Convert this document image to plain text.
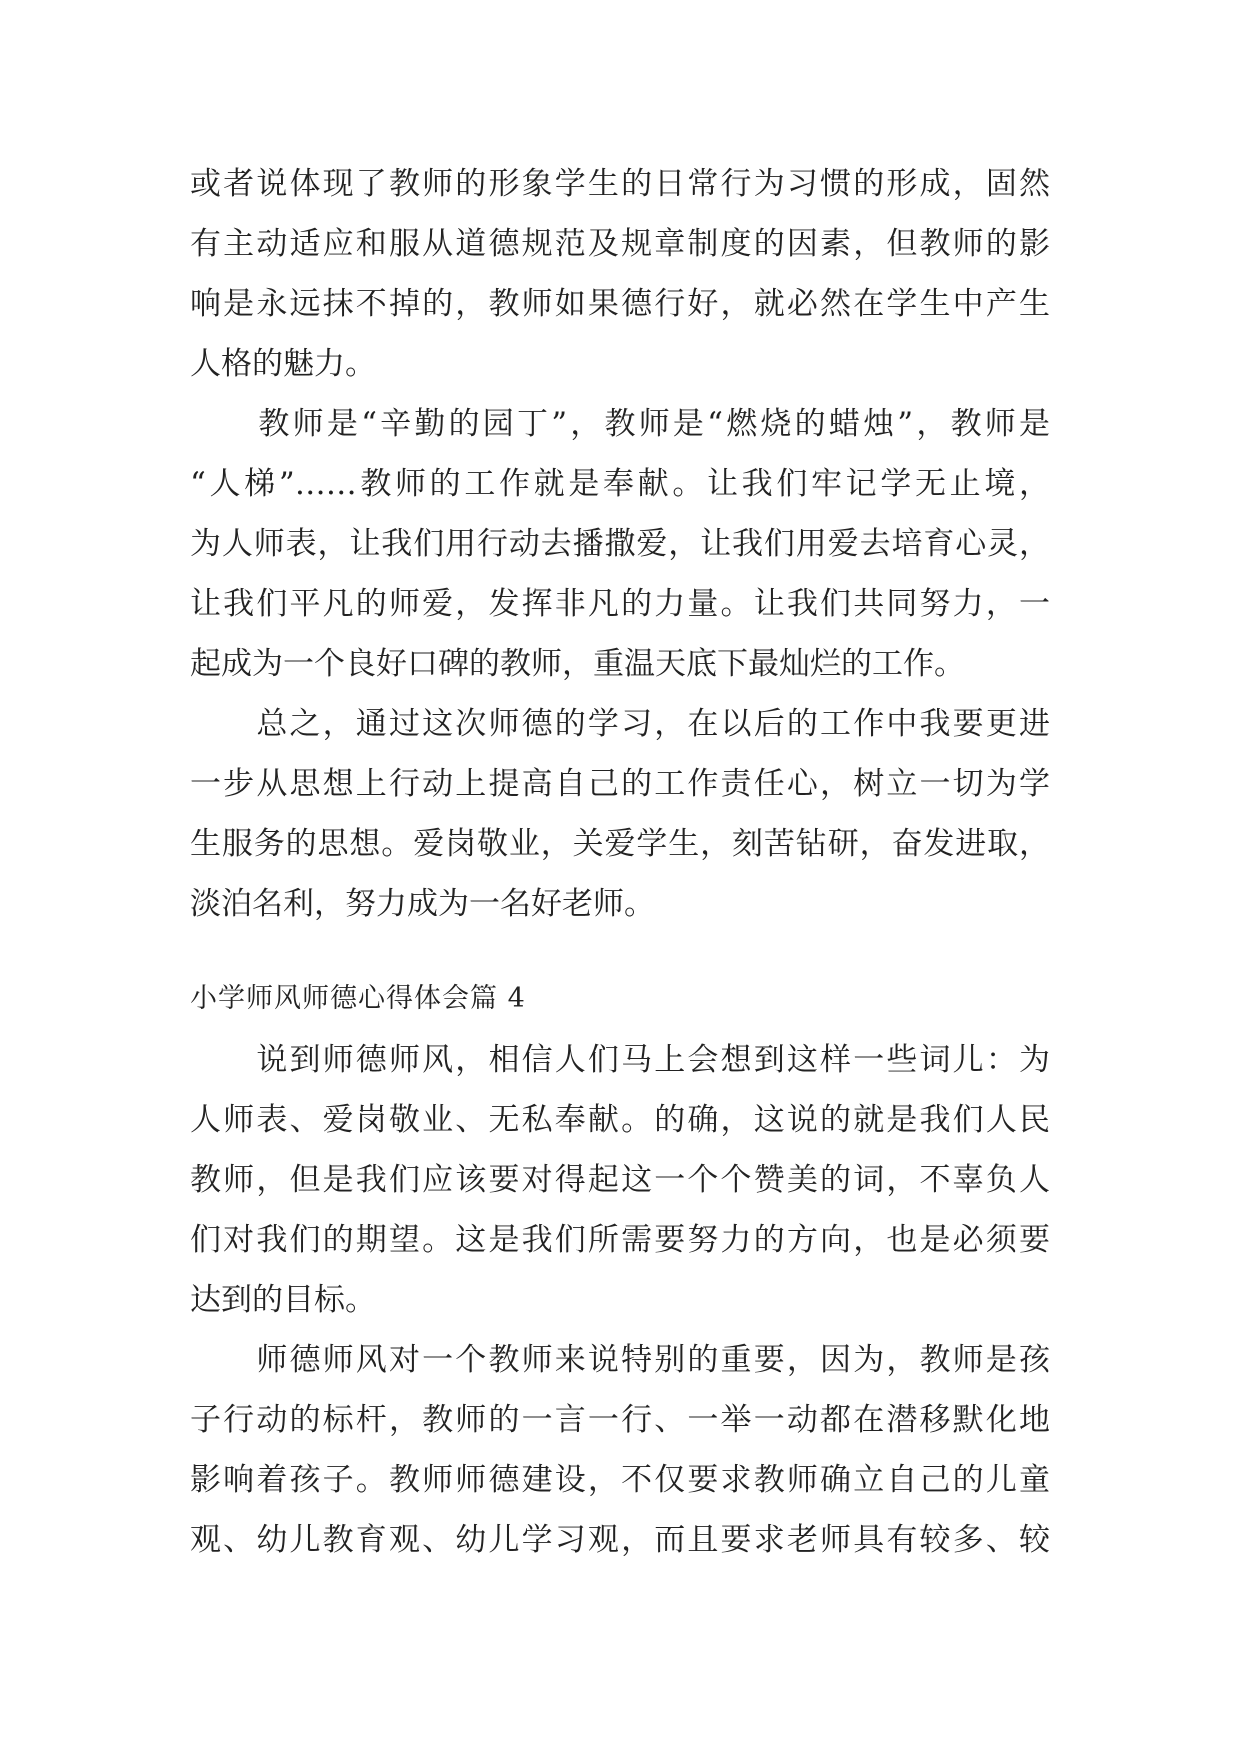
或者说体现了教师的形象学生的日常行为习惯的形成，固然

有主动适应和服从道德规范及规章制度的因素，但教师的影

响是永远抹不掉的，教师如果德行好，就必然在学生中产生

人格的魅力。

　　教师是“辛勤的园丁”，教师是“燃烧的蜡烛”，教师是

“人梯”……教师的工作就是奉献。让我们牢记学无止境，

为人师表，让我们用行动去播撒爱，让我们用爱去培育心灵，

让我们平凡的师爱，发挥非凡的力量。让我们共同努力，一

起成为一个良好口碑的教师，重温天底下最灿烂的工作。

　　总之，通过这次师德的学习，在以后的工作中我要更进

一步从思想上行动上提高自己的工作责任心，树立一切为学

生服务的思想。爱岗敬业，关爱学生，刻苦钻研，奋发进取，

淡泊名利，努力成为一名好老师。

小学师风师德心得体会篇 4

　　说到师德师风，相信人们马上会想到这样一些词儿：为

人师表、爱岗敬业、无私奉献。的确，这说的就是我们人民

教师，但是我们应该要对得起这一个个赞美的词，不辜负人

们对我们的期望。这是我们所需要努力的方向，也是必须要

达到的目标。

　　师德师风对一个教师来说特别的重要，因为，教师是孩

子行动的标杆，教师的一言一行、一举一动都在潜移默化地

影响着孩子。教师师德建设，不仅要求教师确立自己的儿童

观、幼儿教育观、幼儿学习观，而且要求老师具有较多、较
